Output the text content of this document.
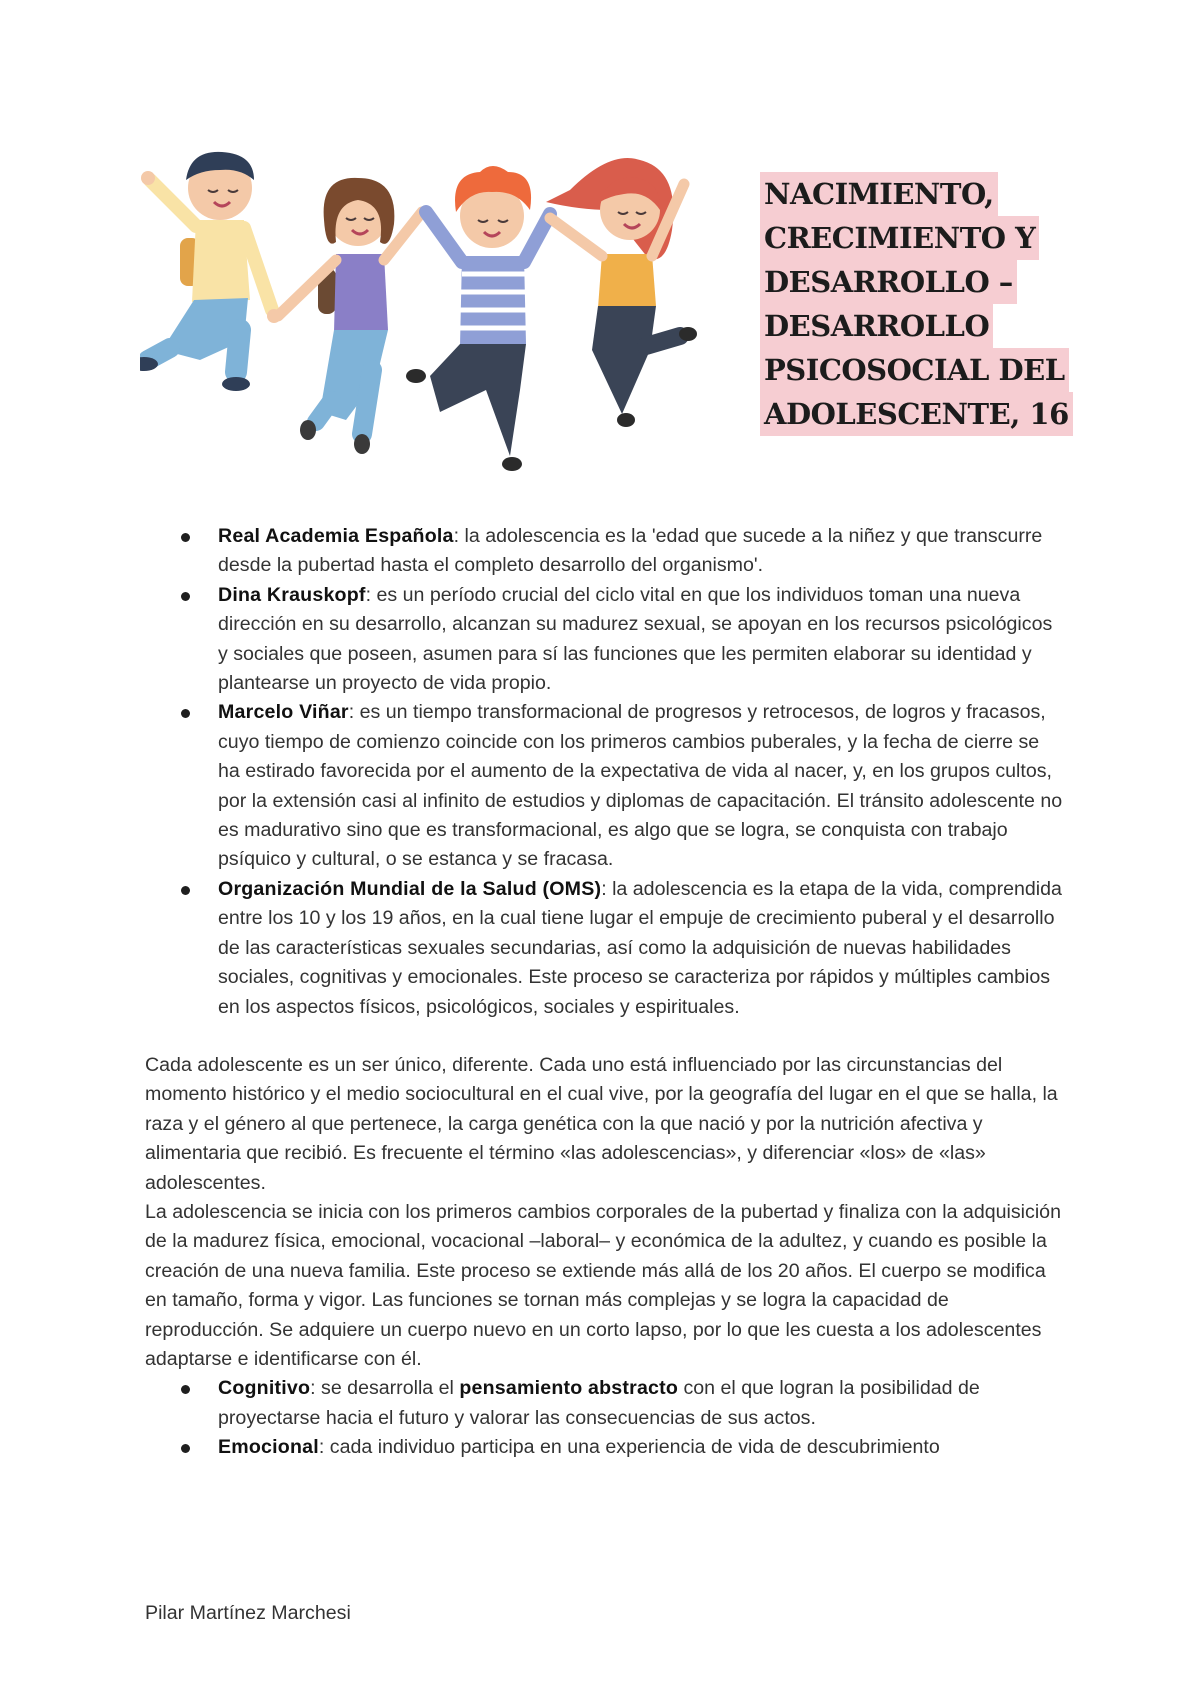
NACIMIENTO,
CRECIMIENTO Y
DESARROLLO –
DESARROLLO
PSICOSOCIAL DEL
ADOLESCENTE, 16
Real Academia Española: la adolescencia es la 'edad que sucede a la niñez y que transcurre desde la pubertad hasta el completo desarrollo del organismo'.
Dina Krauskopf: es un período crucial del ciclo vital en que los individuos toman una nueva dirección en su desarrollo, alcanzan su madurez sexual, se apoyan en los recursos psicológicos y sociales que poseen, asumen para sí las funciones que les permiten elaborar su identidad y plantearse un proyecto de vida propio.
Marcelo Viñar: es un tiempo transformacional de progresos y retrocesos, de logros y fracasos, cuyo tiempo de comienzo coincide con los primeros cambios puberales, y la fecha de cierre se ha estirado favorecida por el aumento de la expectativa de vida al nacer, y, en los grupos cultos, por la extensión casi al infinito de estudios y diplomas de capacitación. El tránsito adolescente no es madurativo sino que es transformacional, es algo que se logra, se conquista con trabajo psíquico y cultural, o se estanca y se fracasa.
Organización Mundial de la Salud (OMS): la adolescencia es la etapa de la vida, comprendida entre los 10 y los 19 años, en la cual tiene lugar el empuje de crecimiento puberal y el desarrollo de las características sexuales secundarias, así como la adquisición de nuevas habilidades sociales, cognitivas y emocionales. Este proceso se caracteriza por rápidos y múltiples cambios en los aspectos físicos, psicológicos, sociales y espirituales.

Cada adolescente es un ser único, diferente. Cada uno está influenciado por las circunstancias del momento histórico y el medio sociocultural en el cual vive, por la geografía del lugar en el que se halla, la raza y el género al que pertenece, la carga genética con la que nació y por la nutrición afectiva y alimentaria que recibió. Es frecuente el término «las adolescencias», y diferenciar «los» de «las» adolescentes.

La adolescencia se inicia con los primeros cambios corporales de la pubertad y finaliza con la adquisición de la madurez física, emocional, vocacional –laboral– y económica de la adultez, y cuando es posible la creación de una nueva familia. Este proceso se extiende más allá de los 20 años. El cuerpo se modifica en tamaño, forma y vigor. Las funciones se tornan más complejas y se logra la capacidad de reproducción. Se adquiere un cuerpo nuevo en un corto lapso, por lo que les cuesta a los adolescentes adaptarse e identificarse con él.

Cognitivo: se desarrolla el pensamiento abstracto con el que logran la posibilidad de proyectarse hacia el futuro y valorar las consecuencias de sus actos.
Emocional: cada individuo participa en una experiencia de vida de descubrimiento
Pilar Martínez Marchesi
